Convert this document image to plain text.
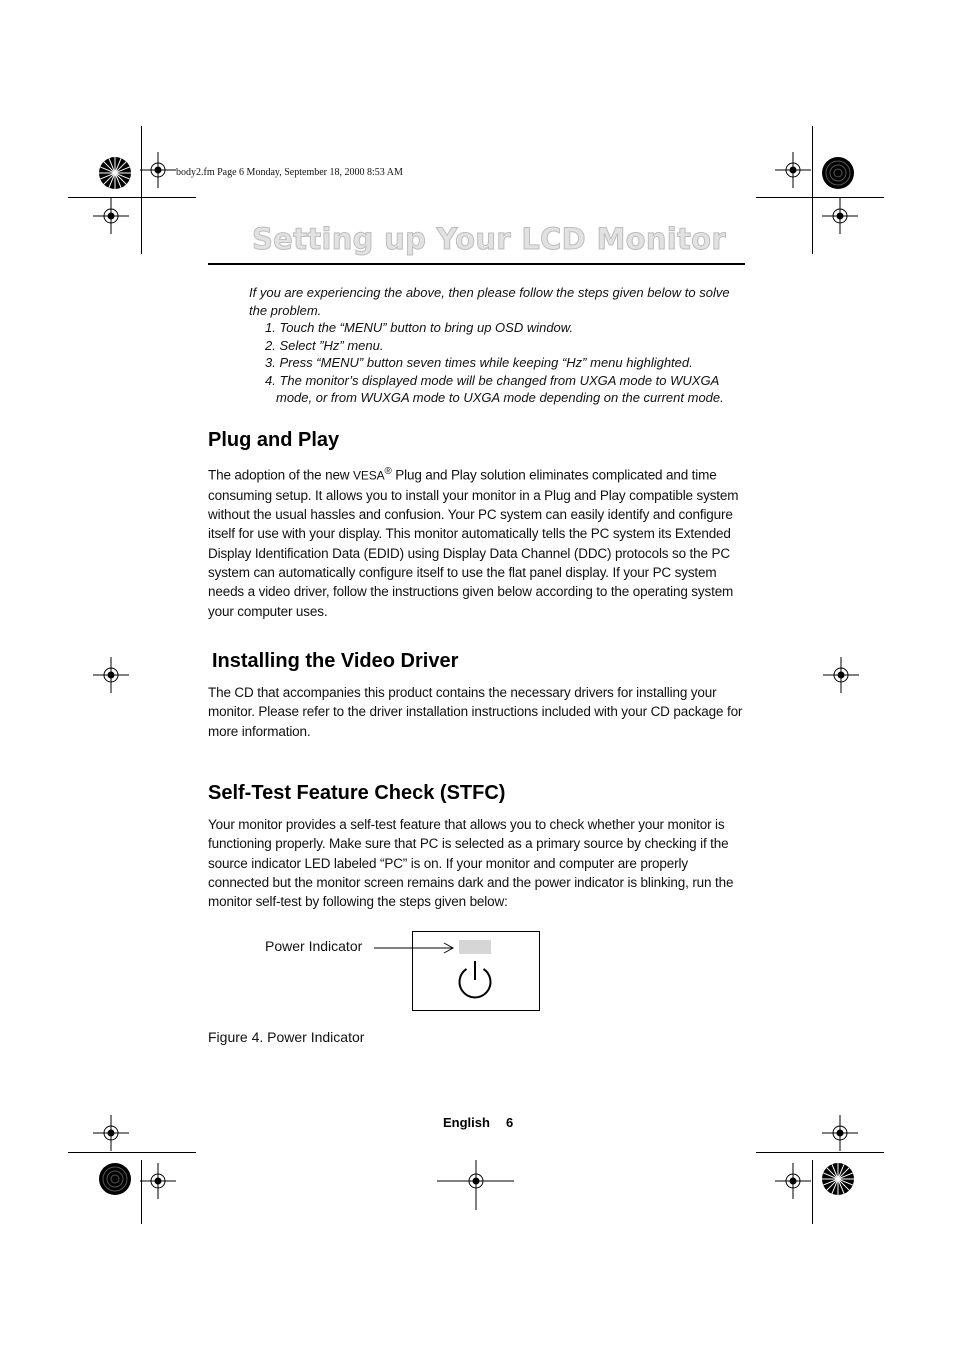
body2.fm Page 6 Monday, September 18, 2000 8:53 AM
Setting up Your LCD Monitor

If you are experiencing the above, then please follow the steps given below to solve the problem.

1. Touch the “MENU” button to bring up OSD window.
2. Select ”Hz” menu.
3. Press “MENU” button seven times while keeping “Hz” menu highlighted.
4. The monitor’s displayed mode will be changed from UXGA mode to WUXGA mode, or from WUXGA mode to UXGA mode depending on the current mode.
Plug and Play

The adoption of the new VESA® Plug and Play solution eliminates complicated and time consuming setup. It allows you to install your monitor in a Plug and Play compatible system without the usual hassles and confusion. Your PC system can easily identify and configure itself for use with your display. This monitor automatically tells the PC system its Extended Display Identification Data (EDID) using Display Data Channel (DDC) protocols so the PC system can automatically configure itself to use the flat panel display. If your PC system needs a video driver, follow the instructions given below according to the operating system your computer uses.

Installing the Video Driver

The CD that accompanies this product contains the necessary drivers for installing your monitor. Please refer to the driver installation instructions included with your CD package for more information.

Self-Test Feature Check (STFC)

Your monitor provides a self-test feature that allows you to check whether your monitor is functioning properly. Make sure that PC is selected as a primary source by checking if the source indicator LED labeled “PC” is on. If your monitor and computer are properly connected but the monitor screen remains dark and the power indicator is blinking, run the monitor self-test by following the steps given below:

Power Indicator
Figure 4. Power Indicator
English 6
